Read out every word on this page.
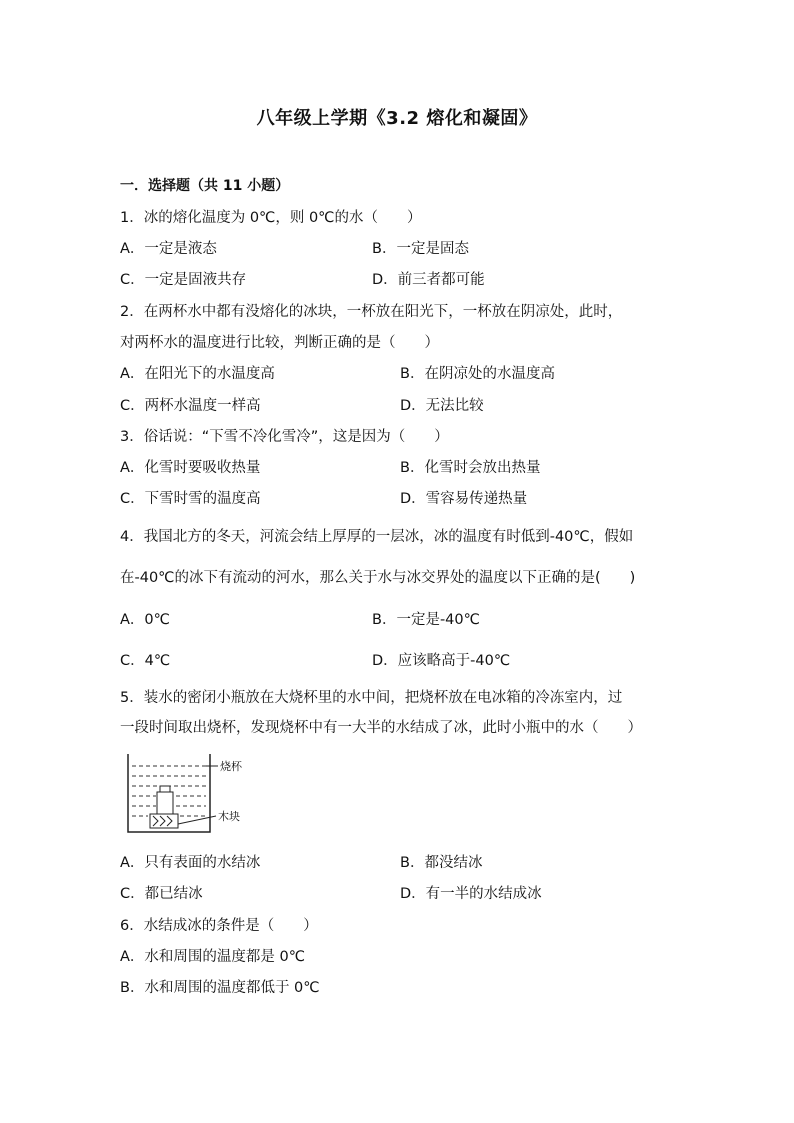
八年级上学期《3.2 熔化和凝固》
一．选择题（共 11 小题）
1．冰的熔化温度为 0℃，则 0℃的水（　　）
A．一定是液态	B．一定是固态
C．一定是固液共存	D．前三者都可能
2．在两杯水中都有没熔化的冰块，一杯放在阳光下，一杯放在阴凉处，此时，
对两杯水的温度进行比较，判断正确的是（　　）
A．在阳光下的水温度高	B．在阴凉处的水温度高
C．两杯水温度一样高	D．无法比较
3．俗话说：“下雪不冷化雪冷”，这是因为（　　）
A．化雪时要吸收热量	B．化雪时会放出热量
C．下雪时雪的温度高	D．雪容易传递热量
4．我国北方的冬天，河流会结上厚厚的一层冰，冰的温度有时低到-40℃，假如
在-40℃的冰下有流动的河水，那么关于水与冰交界处的温度以下正确的是(　　)
A．0℃	B．一定是-40℃
C．4℃	D．应该略高于-40℃
5．装水的密闭小瓶放在大烧杯里的水中间，把烧杯放在电冰箱的冷冻室内，过
一段时间取出烧杯，发现烧杯中有一大半的水结成了冰，此时小瓶中的水（　　）
烧杯
木块
A．只有表面的水结冰	B．都没结冰
C．都已结冰	D．有一半的水结成冰
6．水结成冰的条件是（　　）
A．水和周围的温度都是 0℃
B．水和周围的温度都低于 0℃
